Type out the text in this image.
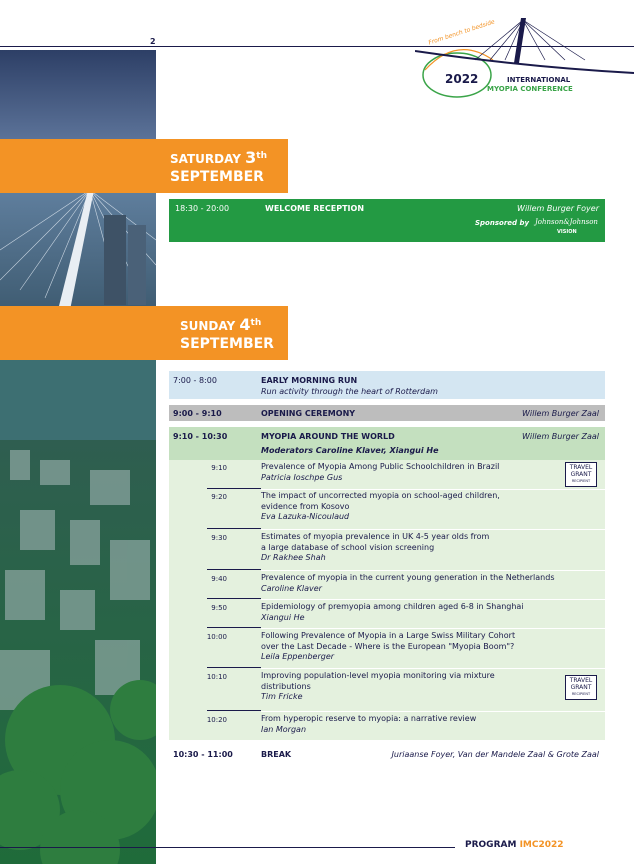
2	From bench to bedside
2022	INTERNATIONAL
MYOPIA CONFERENCE
SATURDAY 3th
SEPTEMBER
18:30 - 20:00	WELCOME RECEPTION	Willem Burger Foyer
Sponsored by Johnson&Johnson
VISION
SUNDAY 4th
SEPTEMBER
7:00 - 8:00	EARLY MORNING RUN
Run activity through the heart of Rotterdam
9:00 - 9:10	OPENING CEREMONY	Willem Burger Zaal
9:10 - 10:30	MYOPIA AROUND THE WORLD	Willem Burger Zaal
Moderators Caroline Klaver, Xiangui He
9:10	Prevalence of Myopia Among Public Schoolchildren in Brazil
Patricia Ioschpe Gus
TRAVEL
GRANT
RECIPIENT
9:20	The impact of uncorrected myopia on school-aged children,
evidence from Kosovo
Eva Lazuka-Nicoulaud
9:30	Estimates of myopia prevalence in UK 4-5 year olds from
a large database of school vision screening
Dr Rakhee Shah
9:40	Prevalence of myopia in the current young generation in the Netherlands
Caroline Klaver
9:50	Epidemiology of premyopia among children aged 6-8 in Shanghai
Xiangui He
10:00	Following Prevalence of Myopia in a Large Swiss Military Cohort
over the Last Decade - Where is the European "Myopia Boom"?
Leila Eppenberger
10:10	Improving population-level myopia monitoring via mixture
distributions
Tim Fricke
TRAVEL
GRANT
RECIPIENT
10:20	From hyperopic reserve to myopia: a narrative review
Ian Morgan
10:30 - 11:00	BREAK	Juriaanse Foyer, Van der Mandele Zaal & Grote Zaal
PROGRAM IMC2022
